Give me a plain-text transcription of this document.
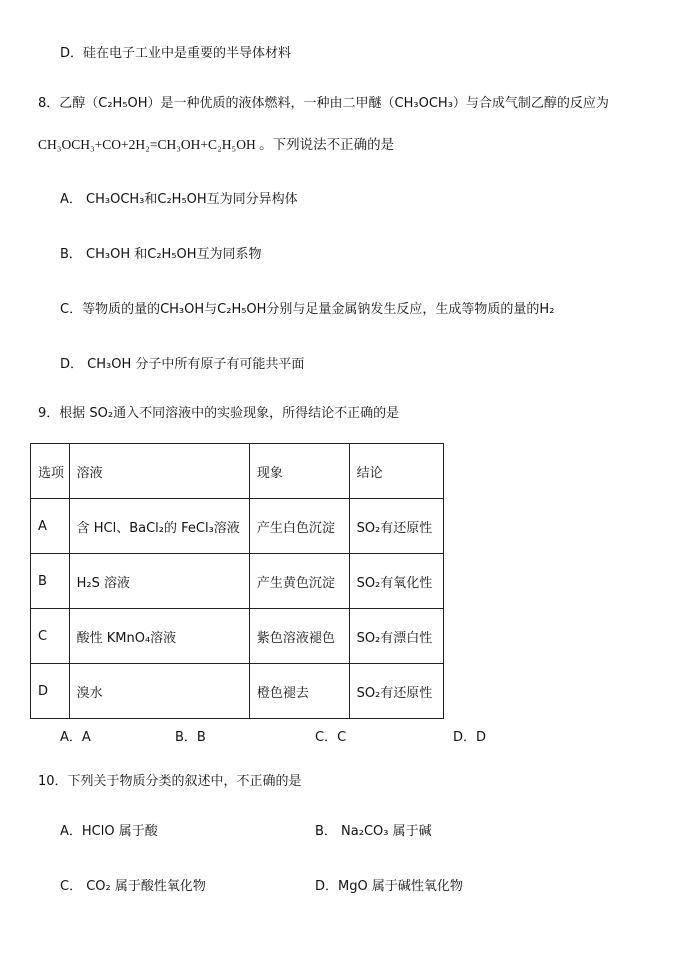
D．硅在电子工业中是重要的半导体材料
8．乙醇（C₂H₅OH）是一种优质的液体燃料，一种由二甲醚（CH₃OCH₃）与合成气制乙醇的反应为
CH₃OCH₃+CO+2H₂=CH₃OH+C₂H₅OH 。下列说法不正确的是
A． CH₃OCH₃和C₂H₅OH互为同分异构体
B． CH₃OH 和C₂H₅OH互为同系物
C．等物质的量的CH₃OH与C₂H₅OH分别与足量金属钠发生反应，生成等物质的量的H₂
D． CH₃OH 分子中所有原子有可能共平面
9．根据 SO₂通入不同溶液中的实验现象，所得结论不正确的是
选项	溶液	现象	结论
A	含 HCl、BaCl₂的 FeCl₃溶液	产生白色沉淀	SO₂有还原性
B	H₂S 溶液	产生黄色沉淀	SO₂有氧化性
C	酸性 KMnO₄溶液	紫色溶液褪色	SO₂有漂白性
D	溴水	橙色褪去	SO₂有还原性
A．A	B．B	C．C	D．D
10．下列关于物质分类的叙述中，不正确的是
A．HClO 属于酸	B． Na₂CO₃ 属于碱
C． CO₂ 属于酸性氧化物	D．MgO 属于碱性氧化物
